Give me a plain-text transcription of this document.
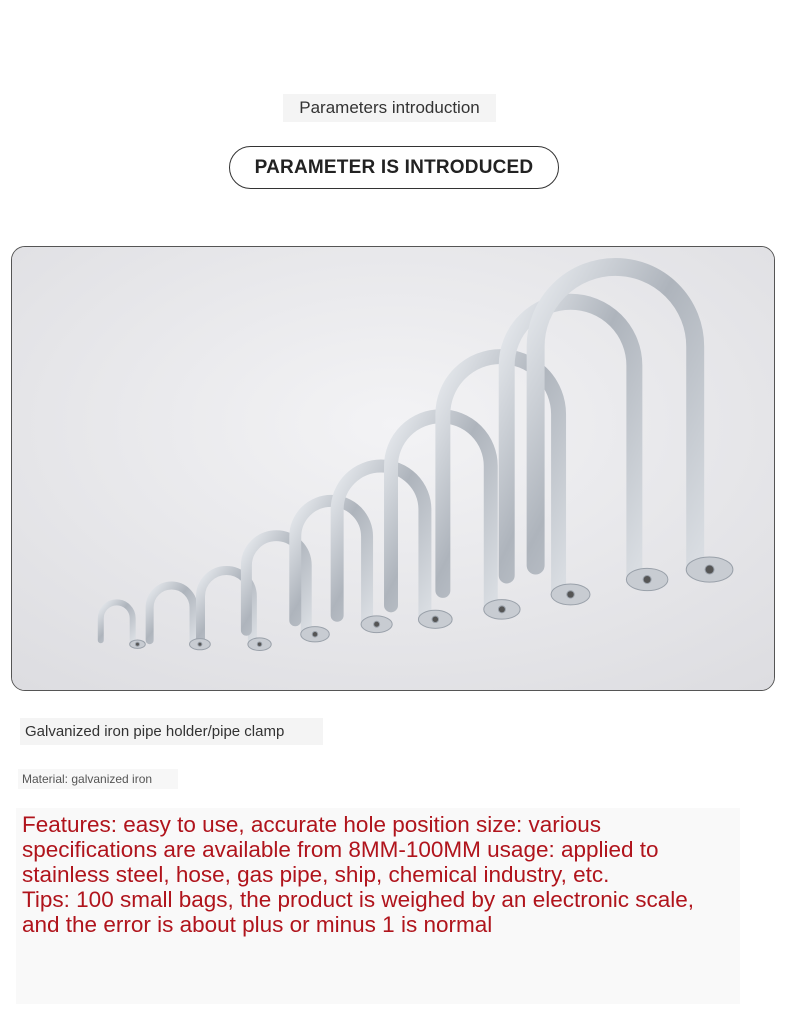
Parameters introduction
PARAMETER IS INTRODUCED
Galvanized iron pipe holder/pipe clamp
Material: galvanized iron

Features: easy to use, accurate hole position size: various specifications are available from 8MM-100MM usage: applied to stainless steel, hose, gas pipe, ship, chemical industry, etc.

Tips: 100 small bags, the product is weighed by an electronic scale, and the error is about plus or minus 1 is normal
